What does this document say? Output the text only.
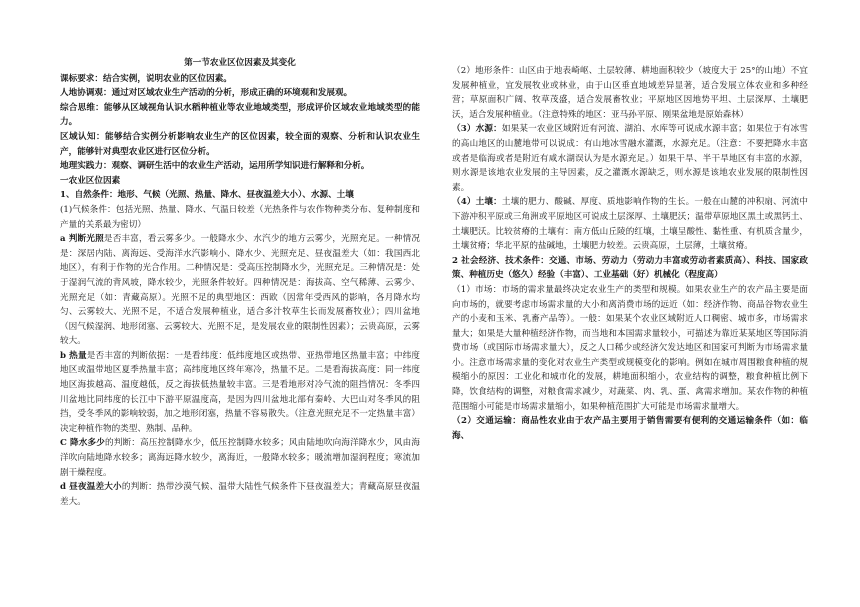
第一节农业区位因素及其变化

课标要求：结合实例，说明农业的区位因素。

人地协调观：通过对区域农业生产活动的分析，形成正确的环境观和发展观。

综合思维：能够从区域视角认识水稻种植业等农业地域类型，形成评价区域农业地域类型的能力。

区域认知：能够结合实例分析影响农业生产的区位因素，较全面的观察、分析和认识农业生产，能够针对典型农业区进行区位分析。

地理实践力：观察、调研生活中的农业生产活动，运用所学知识进行解释和分析。

一农业区位因素

1、自然条件：地形、气候（光照、热量、降水、昼夜温差大小）、水源、土壤

(1)气候条件：包括光照、热量、降水、气温日较差（光热条件与农作物种类分布、复种制度和产量的关系最为密切）

a 判断光照是否丰富，看云雾多少。一般降水少、水汽少的地方云雾少，光照充足。一种情况是：深居内陆、离海远、受海洋水汽影响小、降水少、光照充足、昼夜温差大（如：我国西北地区），有利于作物的光合作用。二种情况是：受高压控制降水少，光照充足。三种情况是：处于湿润气流的背风坡，降水较少，光照条件较好。四种情况是：海拔高、空气稀薄、云雾少、光照充足（如：青藏高原）。光照不足的典型地区：西欧（因常年受西风的影响，各月降水均匀、云雾较大、光照不足，不适合发展种植业，适合多汁牧草生长而发展畜牧业）；四川盆地（因气候湿润、地形闭塞、云雾较大、光照不足，是发展农业的限制性因素）；云贵高原，云雾较大。

b 热量是否丰富的判断依据：一是看纬度：低纬度地区或热带、亚热带地区热量丰富；中纬度地区或温带地区夏季热量丰富；高纬度地区终年寒冷，热量不足。二是看海拔高度：同一纬度地区海拔越高、温度越低，反之海拔低热量较丰富。三是看地形对冷气流的阻挡情况：冬季四川盆地比同纬度的长江中下游平原温度高，是因为四川盆地北部有秦岭、大巴山对冬季风的阻挡，受冬季风的影响较弱，加之地形闭塞，热量不容易散失。（注意光照充足不一定热量丰富）决定种植作物的类型、熟制、品种。

C 降水多少的判断：高压控制降水少，低压控制降水较多；风由陆地吹向海洋降水少，风由海洋吹向陆地降水较多；离海远降水较少，离海近，一般降水较多；暖流增加湿润程度；寒流加剧干燥程度。

d 昼夜温差大小的判断：热带沙漠气候、温带大陆性气候条件下昼夜温差大；青藏高原昼夜温差大。

（2）地形条件：山区由于地表崎岖、土层较薄、耕地面积较少（坡度大于 25°的山地）不宜发展种植业，宜发展牧业或林业，由于山区垂直地域差异显著，适合发展立体农业和多种经营；草原面积广阔、牧草茂盛，适合发展畜牧业；平原地区因地势平坦、土层深厚、土壤肥沃，适合发展种植业。（注意特殊的地区：亚马孙平原、刚果盆地是原始森林）

（3）水源：如果某一农业区域附近有河流、湖泊、水库等可说成水源丰富；如果位于有冰雪的高山地区的山麓地带可以说成：有山地冰雪融水灌溉，水源充足。（注意：不要把降水丰富或者是临海或者是附近有咸水湖误认为是水源充足。）如果干旱、半干旱地区有丰富的水源，则水源是该地农业发展的主导因素，反之灌溉水源缺乏，则水源是该地农业发展的限制性因素。

（4）土壤：土壤的肥力、酸碱、厚度、质地影响作物的生长。一般在山麓的冲积扇、河流中下游冲积平原或三角洲或平原地区可说成土层深厚、土壤肥沃；温带草原地区黑土或黑钙土、土壤肥沃。比较贫瘠的土壤有：南方低山丘陵的红壤，土壤呈酸性、黏性重、有机质含量少，土壤贫瘠；华北平原的盐碱地，土壤肥力较差。云贵高原，土层薄，土壤贫瘠。

2 社会经济、技术条件：交通、市场、劳动力（劳动力丰富或劳动者素质高）、科技、国家政策、种植历史（悠久）经验（丰富）、工业基础（好）机械化（程度高）

（1）市场：市场的需求量最终决定农业生产的类型和规模。如果农业生产的农产品主要是面向市场的，就要考虑市场需求量的大小和离消费市场的远近（如：经济作物、商品谷物农业生产的小麦和玉米、乳畜产品等）。一般：如果某个农业区域附近人口稠密、城市多，市场需求量大；如果是大量种植经济作物，而当地和本国需求量较小，可描述为靠近某某地区等国际消费市场（或国际市场需求量大），反之人口稀少或经济欠发达地区和国家可判断为市场需求量小。注意市场需求量的变化对农业生产类型或规模变化的影响。例如在城市周围粮食种植的规模缩小的原因：工业化和城市化的发展，耕地面积缩小，农业结构的调整，粮食种植比例下降，饮食结构的调整，对粮食需求减少，对蔬菜、肉、乳、蛋、禽需求增加。某农作物的种植范围缩小可能是市场需求量缩小，如果种植范围扩大可能是市场需求量增大。

（2）交通运输：商品性农业由于农产品主要用于销售需要有便利的交通运输条件（如：临海、
